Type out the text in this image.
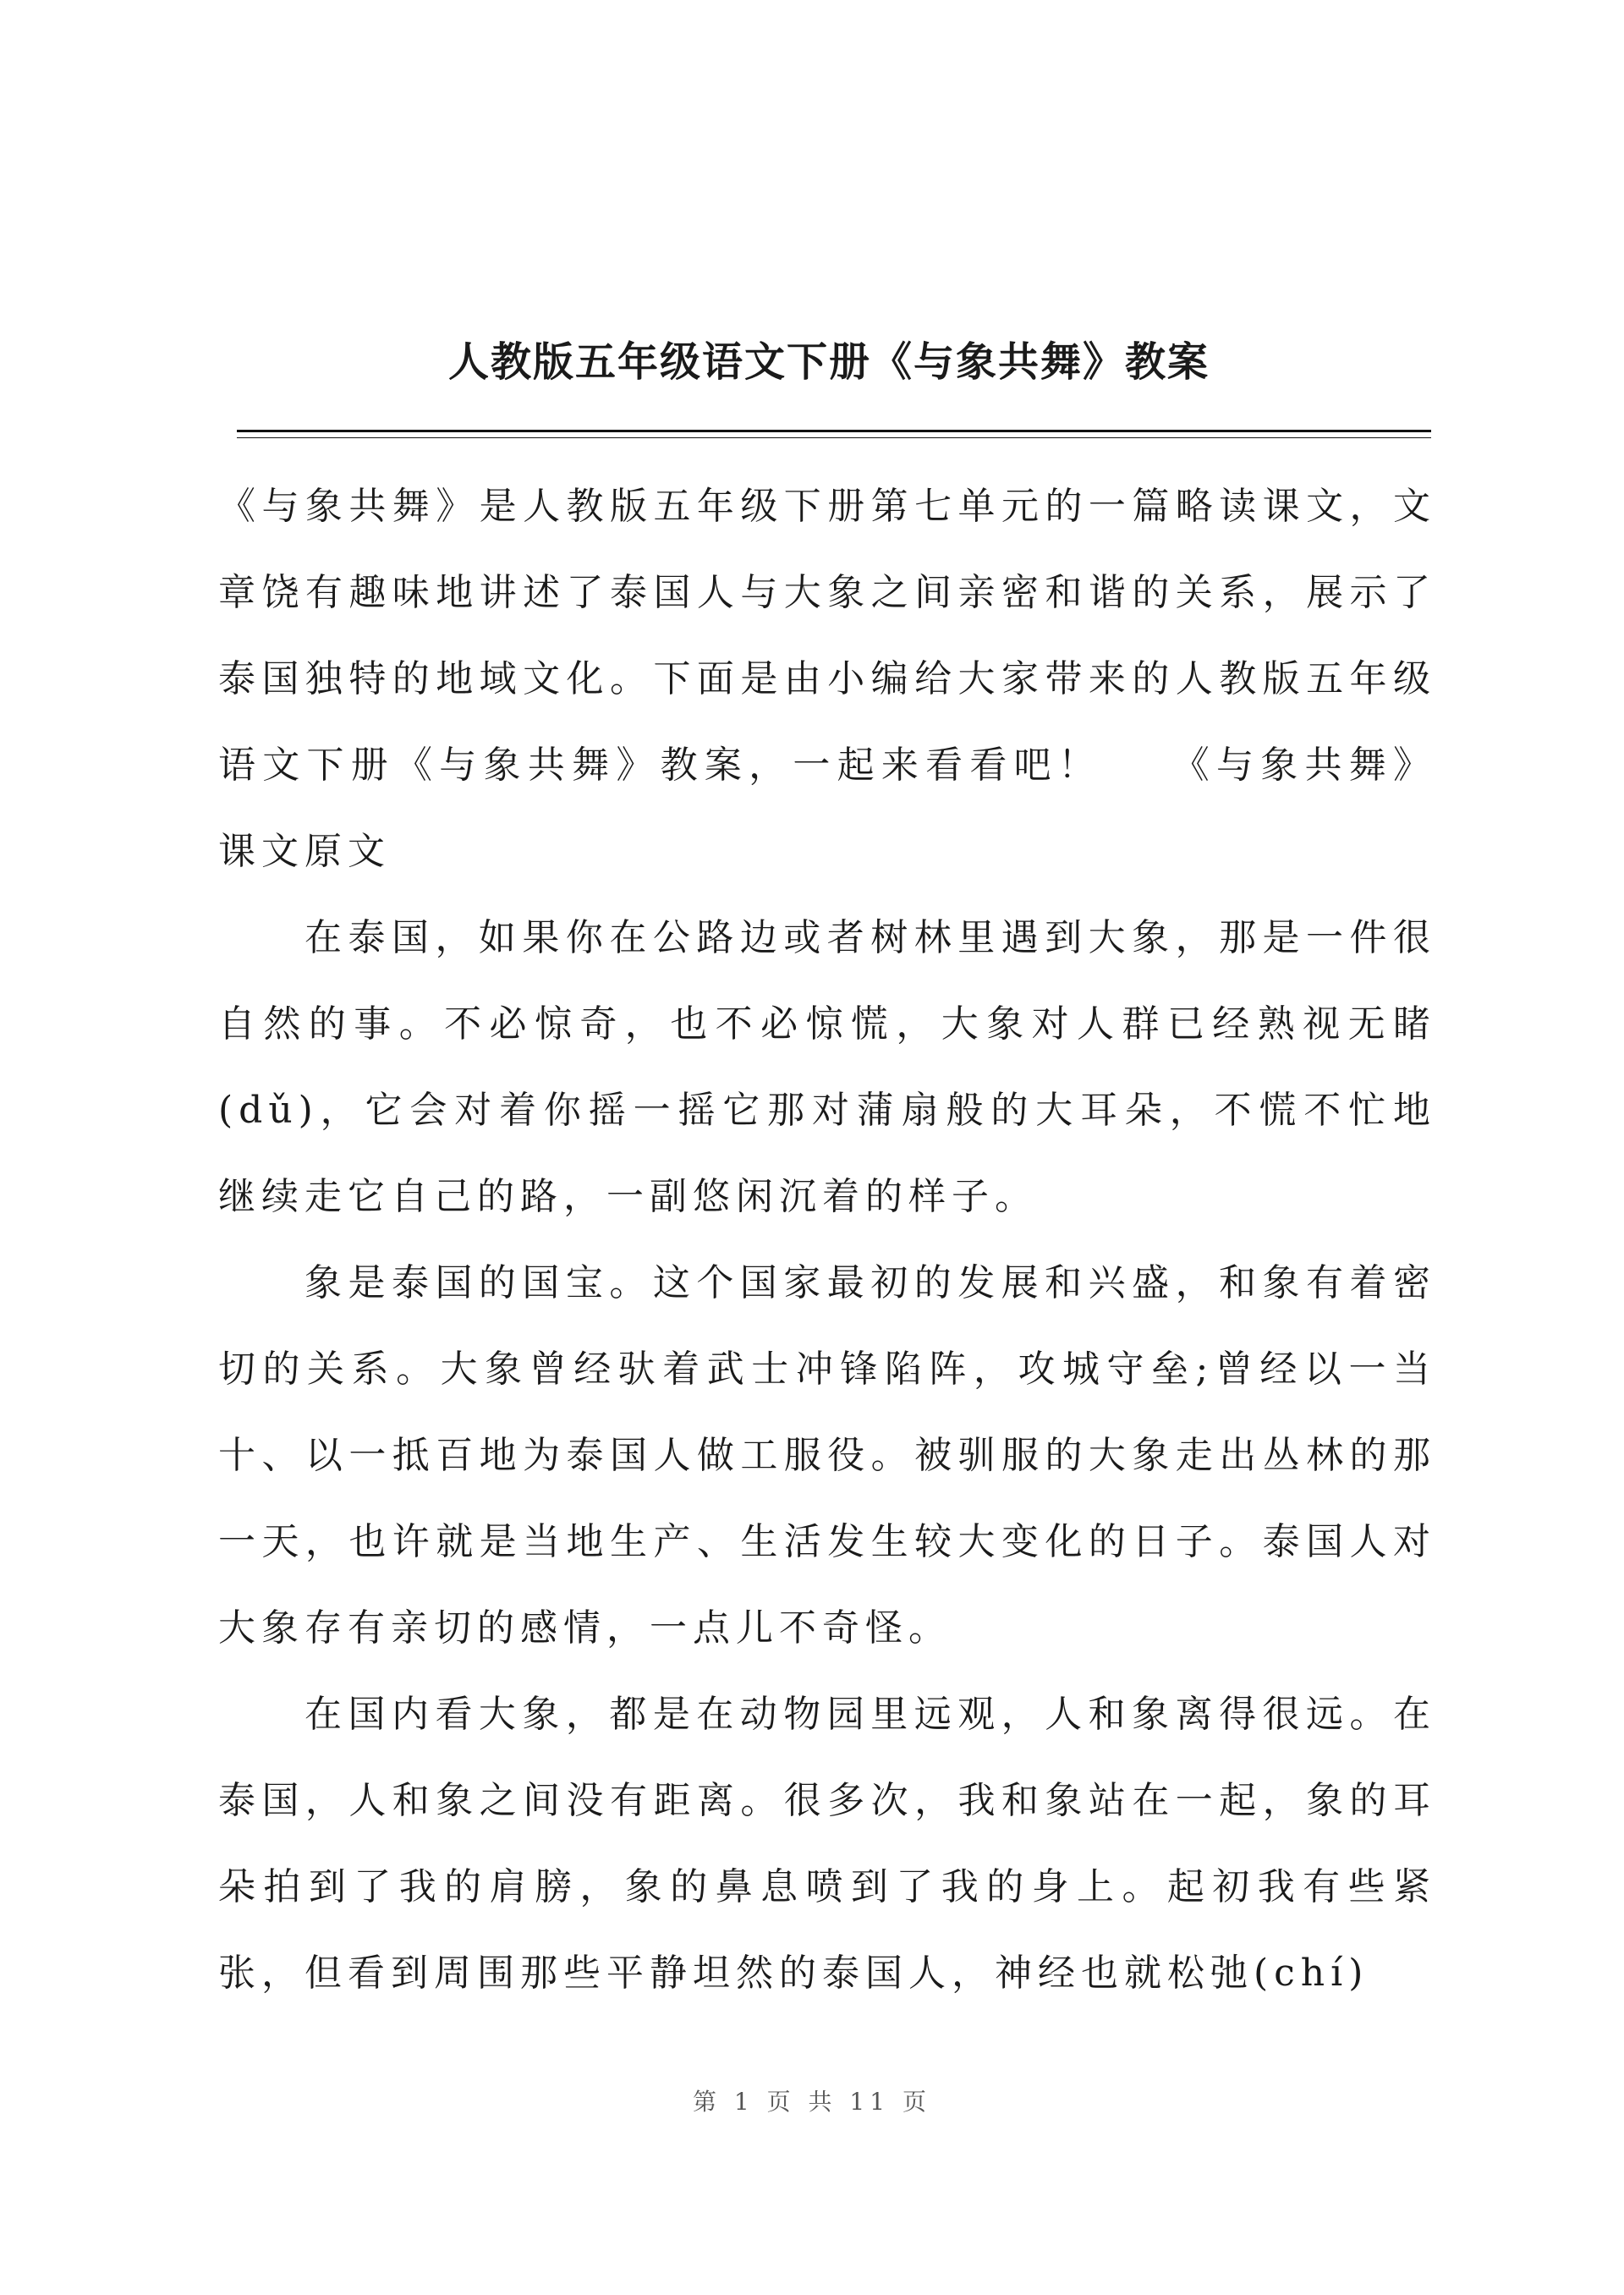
人教版五年级语文下册《与象共舞》教案

《与象共舞》是人教版五年级下册第七单元的一篇略读课文，文章饶有趣味地讲述了泰国人与大象之间亲密和谐的关系，展示了泰国独特的地域文化。下面是由小编给大家带来的人教版五年级语文下册《与象共舞》教案，一起来看看吧！　　《与象共舞》课文原文

在泰国，如果你在公路边或者树林里遇到大象，那是一件很自然的事。不必惊奇，也不必惊慌，大象对人群已经熟视无睹(dǔ)，它会对着你摇一摇它那对蒲扇般的大耳朵，不慌不忙地继续走它自己的路，一副悠闲沉着的样子。

象是泰国的国宝。这个国家最初的发展和兴盛，和象有着密切的关系。大象曾经驮着武士冲锋陷阵，攻城守垒;曾经以一当十、以一抵百地为泰国人做工服役。被驯服的大象走出丛林的那一天，也许就是当地生产、生活发生较大变化的日子。泰国人对大象存有亲切的感情，一点儿不奇怪。

在国内看大象，都是在动物园里远观，人和象离得很远。在泰国，人和象之间没有距离。很多次，我和象站在一起，象的耳朵拍到了我的肩膀，象的鼻息喷到了我的身上。起初我有些紧张，但看到周围那些平静坦然的泰国人，神经也就松弛(chí)

第 1 页 共 11 页
